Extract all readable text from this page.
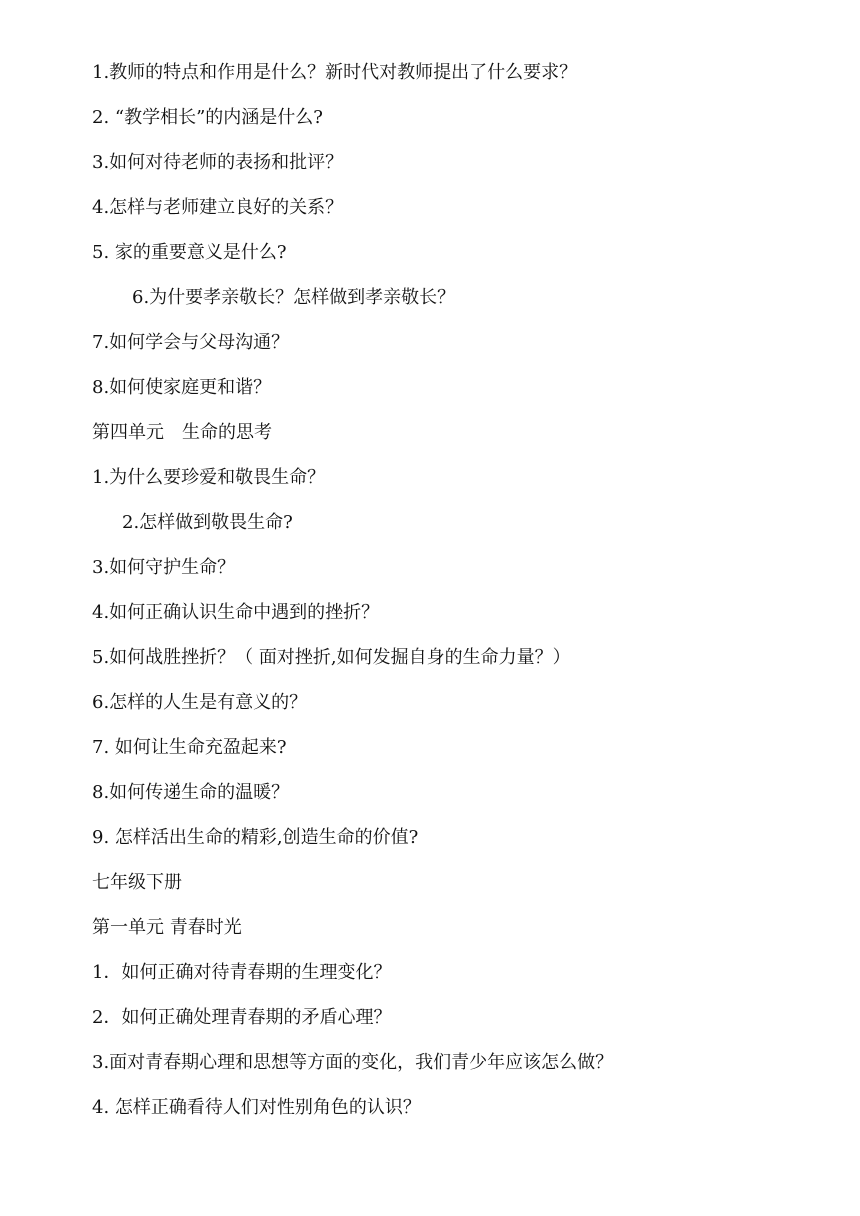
1.教师的特点和作用是什么？新时代对教师提出了什么要求？
2. “教学相长”的内涵是什么?
3.如何对待老师的表扬和批评？
4.怎样与老师建立良好的关系？
5. 家的重要意义是什么?
6.为什要孝亲敬长？怎样做到孝亲敬长？
7.如何学会与父母沟通？
8.如何使家庭更和谐？
第四单元　生命的思考
1.为什么要珍爱和敬畏生命？
2.怎样做到敬畏生命?
3.如何守护生命？
4.如何正确认识生命中遇到的挫折？
5.如何战胜挫折？（ 面对挫折,如何发掘自身的生命力量？）
6.怎样的人生是有意义的？
7. 如何让生命充盈起来?
8.如何传递生命的温暖？
9. 怎样活出生命的精彩,创造生命的价值?
七年级下册
第一单元 青春时光
1．如何正确对待青春期的生理变化？
2．如何正确处理青春期的矛盾心理？
3.面对青春期心理和思想等方面的变化，我们青少年应该怎么做？
4. 怎样正确看待人们对性别角色的认识？
